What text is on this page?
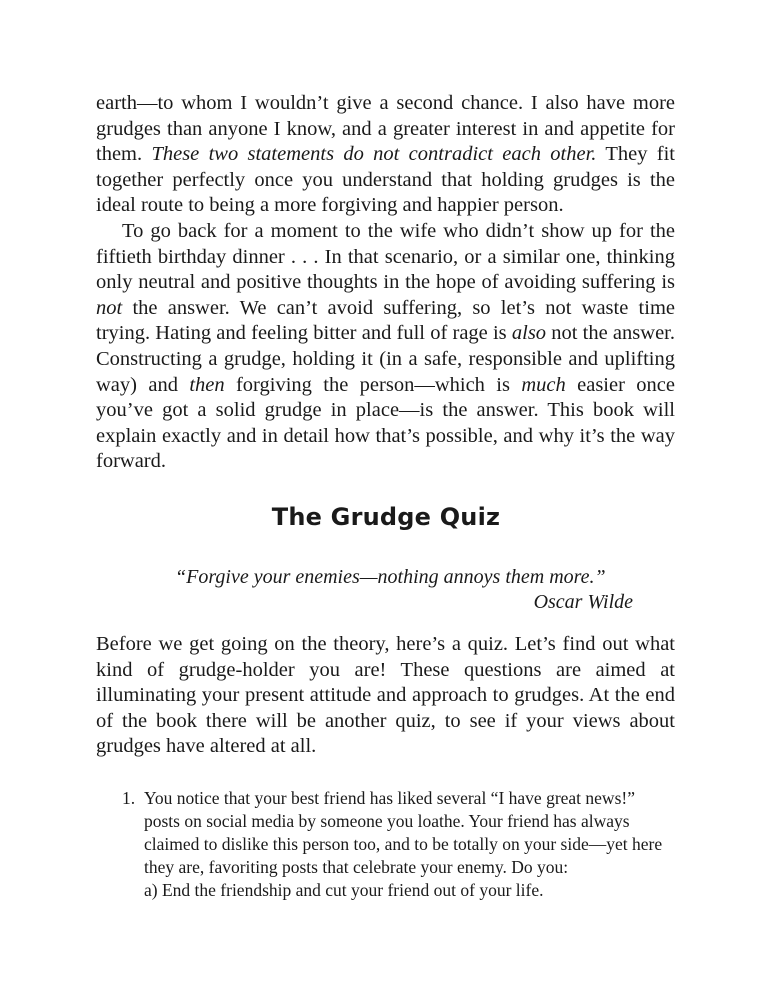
earth—to whom I wouldn’t give a second chance. I also have more grudges than anyone I know, and a greater interest in and appetite for them. These two statements do not contradict each other. They fit together perfectly once you understand that holding grudges is the ideal route to being a more forgiving and happier person.

To go back for a moment to the wife who didn’t show up for the fiftieth birthday dinner . . . In that scenario, or a similar one, thinking only neutral and positive thoughts in the hope of avoiding suffering is not the answer. We can’t avoid suffering, so let’s not waste time trying. Hating and feeling bitter and full of rage is also not the answer. Constructing a grudge, holding it (in a safe, responsible and uplifting way) and then forgiving the person—which is much easier once you’ve got a solid grudge in place—is the answer. This book will explain exactly and in detail how that’s possible, and why it’s the way forward.

The Grudge Quiz
“Forgive your enemies—nothing annoys them more.”
Oscar Wilde

Before we get going on the theory, here’s a quiz. Let’s find out what kind of grudge-holder you are! These questions are aimed at illuminating your present attitude and approach to grudges. At the end of the book there will be another quiz, to see if your views about grudges have altered at all.

1. You notice that your best friend has liked several “I have great news!” posts on social media by someone you loathe. Your friend has always claimed to dislike this person too, and to be totally on your side—yet here they are, favoriting posts that celebrate your enemy. Do you:
a) End the friendship and cut your friend out of your life.
